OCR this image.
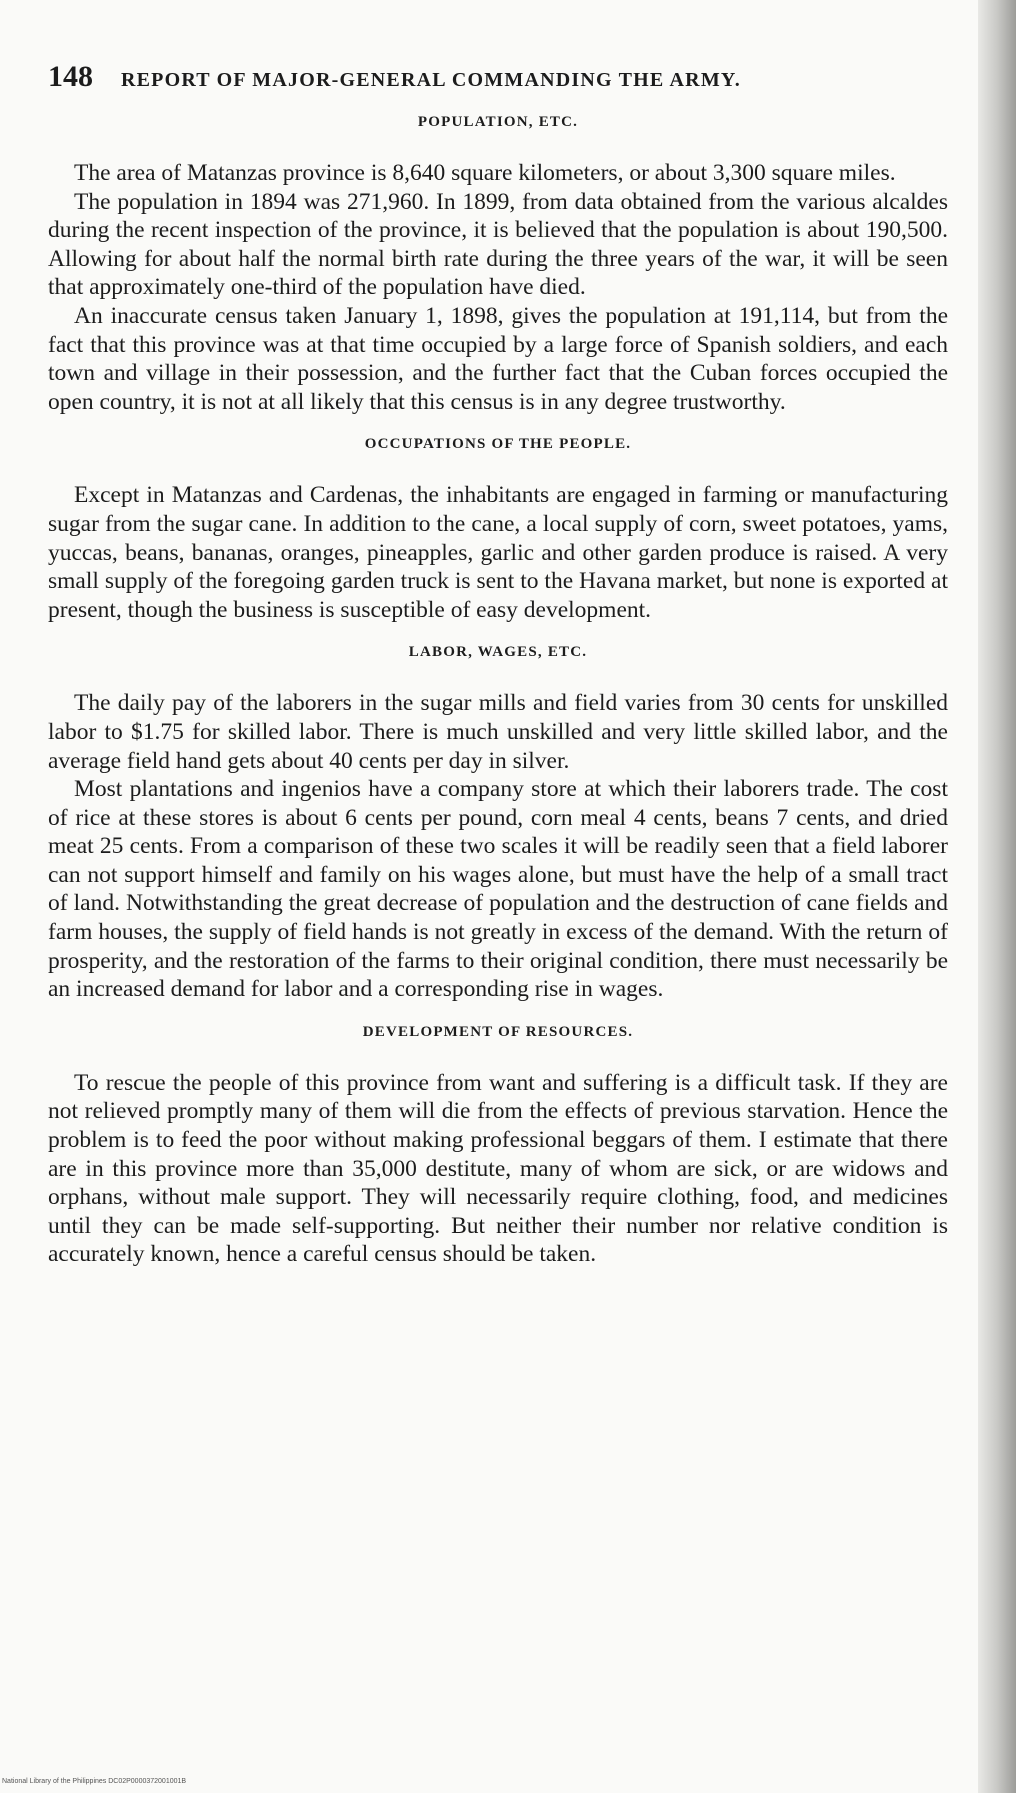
148 REPORT OF MAJOR-GENERAL COMMANDING THE ARMY.
POPULATION, ETC.

The area of Matanzas province is 8,640 square kilometers, or about 3,300 square miles.

The population in 1894 was 271,960. In 1899, from data obtained from the various alcaldes during the recent inspection of the province, it is believed that the population is about 190,500. Allowing for about half the normal birth rate during the three years of the war, it will be seen that approximately one-third of the population have died.

An inaccurate census taken January 1, 1898, gives the population at 191,114, but from the fact that this province was at that time occupied by a large force of Spanish soldiers, and each town and village in their possession, and the further fact that the Cuban forces occupied the open country, it is not at all likely that this census is in any degree trustworthy.

OCCUPATIONS OF THE PEOPLE.

Except in Matanzas and Cardenas, the inhabitants are engaged in farming or manufacturing sugar from the sugar cane. In addition to the cane, a local supply of corn, sweet potatoes, yams, yuccas, beans, bananas, oranges, pineapples, garlic and other garden produce is raised. A very small supply of the foregoing garden truck is sent to the Havana market, but none is exported at present, though the business is susceptible of easy development.

LABOR, WAGES, ETC.

The daily pay of the laborers in the sugar mills and field varies from 30 cents for unskilled labor to $1.75 for skilled labor. There is much unskilled and very little skilled labor, and the average field hand gets about 40 cents per day in silver.

Most plantations and ingenios have a company store at which their laborers trade. The cost of rice at these stores is about 6 cents per pound, corn meal 4 cents, beans 7 cents, and dried meat 25 cents. From a comparison of these two scales it will be readily seen that a field laborer can not support himself and family on his wages alone, but must have the help of a small tract of land. Notwithstanding the great decrease of population and the destruction of cane fields and farm houses, the supply of field hands is not greatly in excess of the demand. With the return of prosperity, and the restoration of the farms to their original condition, there must necessarily be an increased demand for labor and a corresponding rise in wages.

DEVELOPMENT OF RESOURCES.

To rescue the people of this province from want and suffering is a difficult task. If they are not relieved promptly many of them will die from the effects of previous starvation. Hence the problem is to feed the poor without making professional beggars of them. I estimate that there are in this province more than 35,000 destitute, many of whom are sick, or are widows and orphans, without male support. They will necessarily require clothing, food, and medicines until they can be made self-supporting. But neither their number nor relative condition is accurately known, hence a careful census should be taken.

National Library of the Philippines DC02P0000372001001B
